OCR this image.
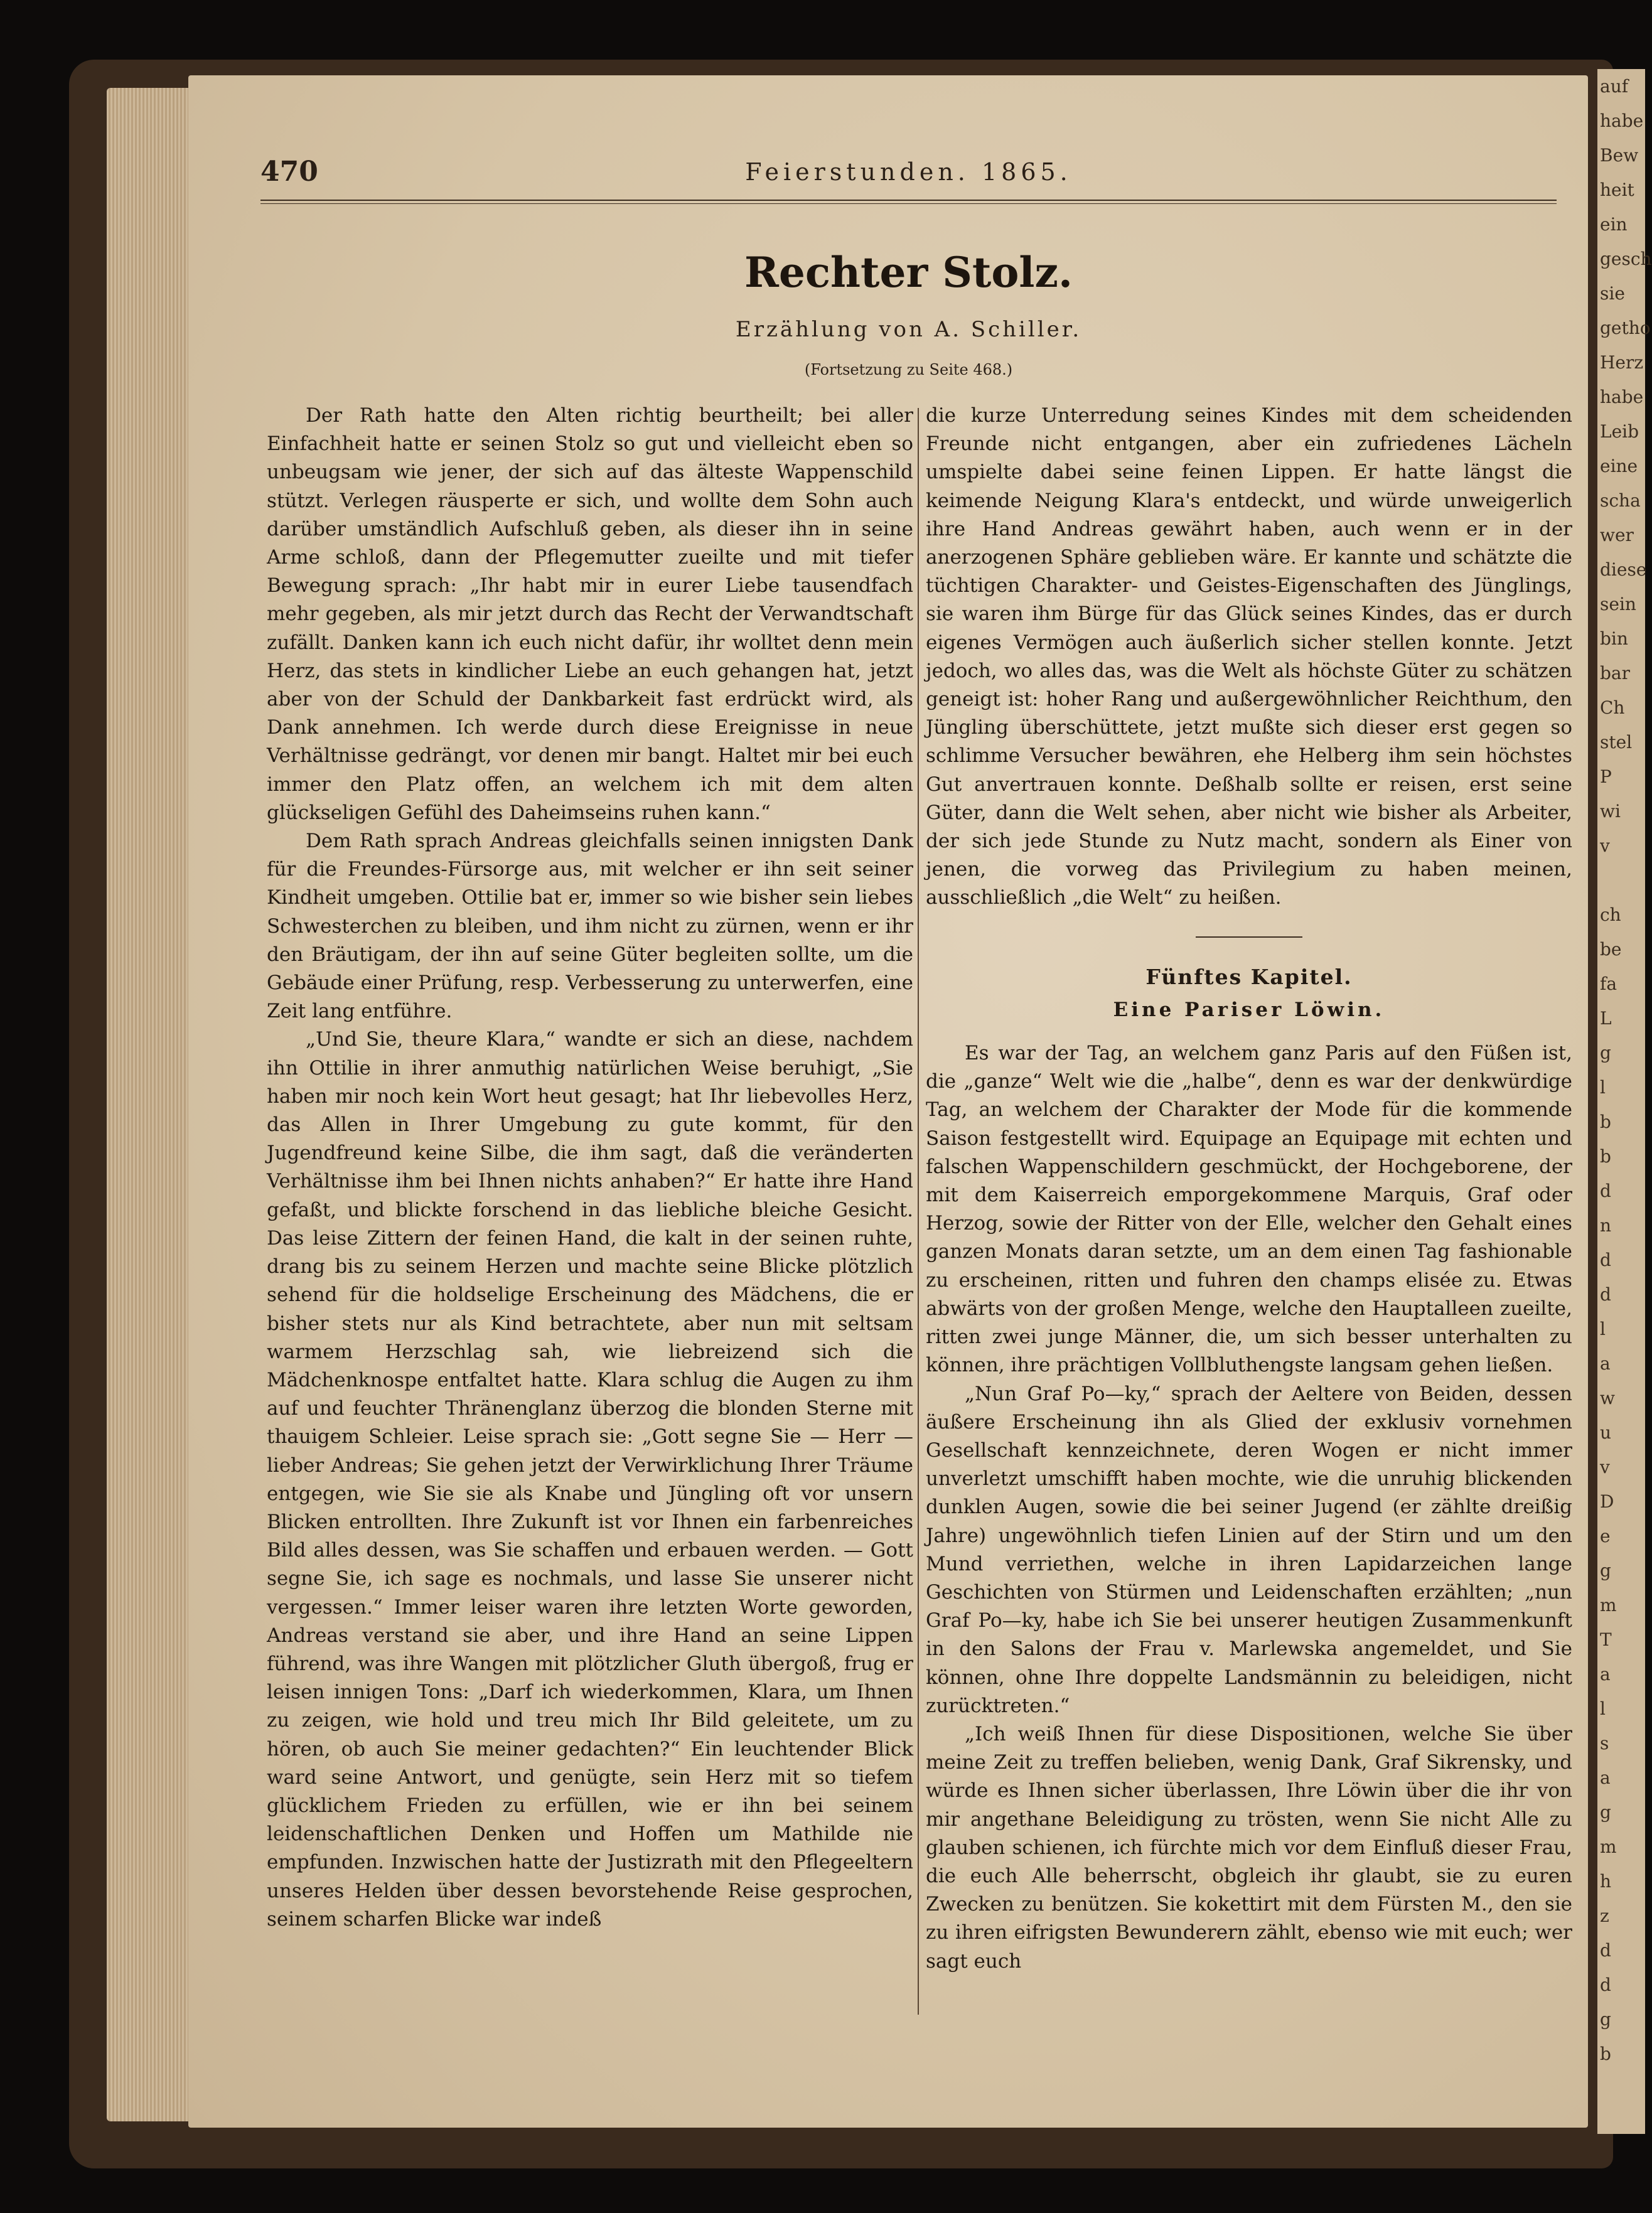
auf
habe
Bew
heit
ein
gesch
sie
getho
Herz
habe
Leib
eine
scha
wer
diese
sein
bin
bar
Ch
stel
P
wi
v

ch
be
fa
L
g
l
b
b
d
n
d
d
l
a
w
u
v
D
e
g
m
T
a
l
s
a
g
m
h
z
d
d
g
b
470	Feierstunden. 1865.
Rechter Stolz.
Erzählung von A. Schiller.
(Fortsetzung zu Seite 468.)

Der Rath hatte den Alten richtig beurtheilt; bei aller Einfachheit hatte er seinen Stolz so gut und vielleicht eben so unbeugsam wie jener, der sich auf das älteste Wappenschild stützt. Verlegen räusperte er sich, und wollte dem Sohn auch darüber umständlich Aufschluß geben, als dieser ihn in seine Arme schloß, dann der Pflegemutter zueilte und mit tiefer Bewegung sprach: „Ihr habt mir in eurer Liebe tausendfach mehr gegeben, als mir jetzt durch das Recht der Verwandtschaft zufällt. Danken kann ich euch nicht dafür, ihr wolltet denn mein Herz, das stets in kindlicher Liebe an euch gehangen hat, jetzt aber von der Schuld der Dankbarkeit fast erdrückt wird, als Dank annehmen. Ich werde durch diese Ereignisse in neue Verhältnisse gedrängt, vor denen mir bangt. Haltet mir bei euch immer den Platz offen, an welchem ich mit dem alten glückseligen Gefühl des Daheimseins ruhen kann.“

Dem Rath sprach Andreas gleichfalls seinen innigsten Dank für die Freundes-Fürsorge aus, mit welcher er ihn seit seiner Kindheit umgeben. Ottilie bat er, immer so wie bisher sein liebes Schwesterchen zu bleiben, und ihm nicht zu zürnen, wenn er ihr den Bräutigam, der ihn auf seine Güter begleiten sollte, um die Gebäude einer Prüfung, resp. Verbesserung zu unterwerfen, eine Zeit lang entführe.

„Und Sie, theure Klara,“ wandte er sich an diese, nachdem ihn Ottilie in ihrer anmuthig natürlichen Weise beruhigt, „Sie haben mir noch kein Wort heut gesagt; hat Ihr liebevolles Herz, das Allen in Ihrer Umgebung zu gute kommt, für den Jugendfreund keine Silbe, die ihm sagt, daß die veränderten Verhältnisse ihm bei Ihnen nichts anhaben?“ Er hatte ihre Hand gefaßt, und blickte forschend in das liebliche bleiche Gesicht. Das leise Zittern der feinen Hand, die kalt in der seinen ruhte, drang bis zu seinem Herzen und machte seine Blicke plötzlich sehend für die holdselige Erscheinung des Mädchens, die er bisher stets nur als Kind betrachtete, aber nun mit seltsam warmem Herzschlag sah, wie liebreizend sich die Mädchenknospe entfaltet hatte. Klara schlug die Augen zu ihm auf und feuchter Thränenglanz überzog die blonden Sterne mit thauigem Schleier. Leise sprach sie: „Gott segne Sie — Herr — lieber Andreas; Sie gehen jetzt der Verwirklichung Ihrer Träume entgegen, wie Sie sie als Knabe und Jüngling oft vor unsern Blicken entrollten. Ihre Zukunft ist vor Ihnen ein farbenreiches Bild alles dessen, was Sie schaffen und erbauen werden. — Gott segne Sie, ich sage es nochmals, und lasse Sie unserer nicht vergessen.“ Immer leiser waren ihre letzten Worte geworden, Andreas verstand sie aber, und ihre Hand an seine Lippen führend, was ihre Wangen mit plötzlicher Gluth übergoß, frug er leisen innigen Tons: „Darf ich wiederkommen, Klara, um Ihnen zu zeigen, wie hold und treu mich Ihr Bild geleitete, um zu hören, ob auch Sie meiner gedachten?“ Ein leuchtender Blick ward seine Antwort, und genügte, sein Herz mit so tiefem glücklichem Frieden zu erfüllen, wie er ihn bei seinem leidenschaftlichen Denken und Hoffen um Mathilde nie empfunden. Inzwischen hatte der Justizrath mit den Pflegeeltern unseres Helden über dessen bevorstehende Reise gesprochen, seinem scharfen Blicke war indeß

die kurze Unterredung seines Kindes mit dem scheidenden Freunde nicht entgangen, aber ein zufriedenes Lächeln umspielte dabei seine feinen Lippen. Er hatte längst die keimende Neigung Klara's entdeckt, und würde unweigerlich ihre Hand Andreas gewährt haben, auch wenn er in der anerzogenen Sphäre geblieben wäre. Er kannte und schätzte die tüchtigen Charakter- und Geistes-Eigenschaften des Jünglings, sie waren ihm Bürge für das Glück seines Kindes, das er durch eigenes Vermögen auch äußerlich sicher stellen konnte. Jetzt jedoch, wo alles das, was die Welt als höchste Güter zu schätzen geneigt ist: hoher Rang und außergewöhnlicher Reichthum, den Jüngling überschüttete, jetzt mußte sich dieser erst gegen so schlimme Versucher bewähren, ehe Helberg ihm sein höchstes Gut anvertrauen konnte. Deßhalb sollte er reisen, erst seine Güter, dann die Welt sehen, aber nicht wie bisher als Arbeiter, der sich jede Stunde zu Nutz macht, sondern als Einer von jenen, die vorweg das Privilegium zu haben meinen, ausschließlich „die Welt“ zu heißen.

Fünftes Kapitel.
Eine Pariser Löwin.

Es war der Tag, an welchem ganz Paris auf den Füßen ist, die „ganze“ Welt wie die „halbe“, denn es war der denkwürdige Tag, an welchem der Charakter der Mode für die kommende Saison festgestellt wird. Equipage an Equipage mit echten und falschen Wappenschildern geschmückt, der Hochgeborene, der mit dem Kaiserreich emporgekommene Marquis, Graf oder Herzog, sowie der Ritter von der Elle, welcher den Gehalt eines ganzen Monats daran setzte, um an dem einen Tag fashionable zu erscheinen, ritten und fuhren den champs elisée zu. Etwas abwärts von der großen Menge, welche den Hauptalleen zueilte, ritten zwei junge Männer, die, um sich besser unterhalten zu können, ihre prächtigen Vollbluthengste langsam gehen ließen.

„Nun Graf Po—ky,“ sprach der Aeltere von Beiden, dessen äußere Erscheinung ihn als Glied der exklusiv vornehmen Gesellschaft kennzeichnete, deren Wogen er nicht immer unverletzt umschifft haben mochte, wie die unruhig blickenden dunklen Augen, sowie die bei seiner Jugend (er zählte dreißig Jahre) ungewöhnlich tiefen Linien auf der Stirn und um den Mund verriethen, welche in ihren Lapidarzeichen lange Geschichten von Stürmen und Leidenschaften erzählten; „nun Graf Po—ky, habe ich Sie bei unserer heutigen Zusammenkunft in den Salons der Frau v. Marlewska angemeldet, und Sie können, ohne Ihre doppelte Landsmännin zu beleidigen, nicht zurücktreten.“

„Ich weiß Ihnen für diese Dispositionen, welche Sie über meine Zeit zu treffen belieben, wenig Dank, Graf Sikrensky, und würde es Ihnen sicher überlassen, Ihre Löwin über die ihr von mir angethane Beleidigung zu trösten, wenn Sie nicht Alle zu glauben schienen, ich fürchte mich vor dem Einfluß dieser Frau, die euch Alle beherrscht, obgleich ihr glaubt, sie zu euren Zwecken zu benützen. Sie kokettirt mit dem Fürsten M., den sie zu ihren eifrigsten Bewunderern zählt, ebenso wie mit euch; wer sagt euch
